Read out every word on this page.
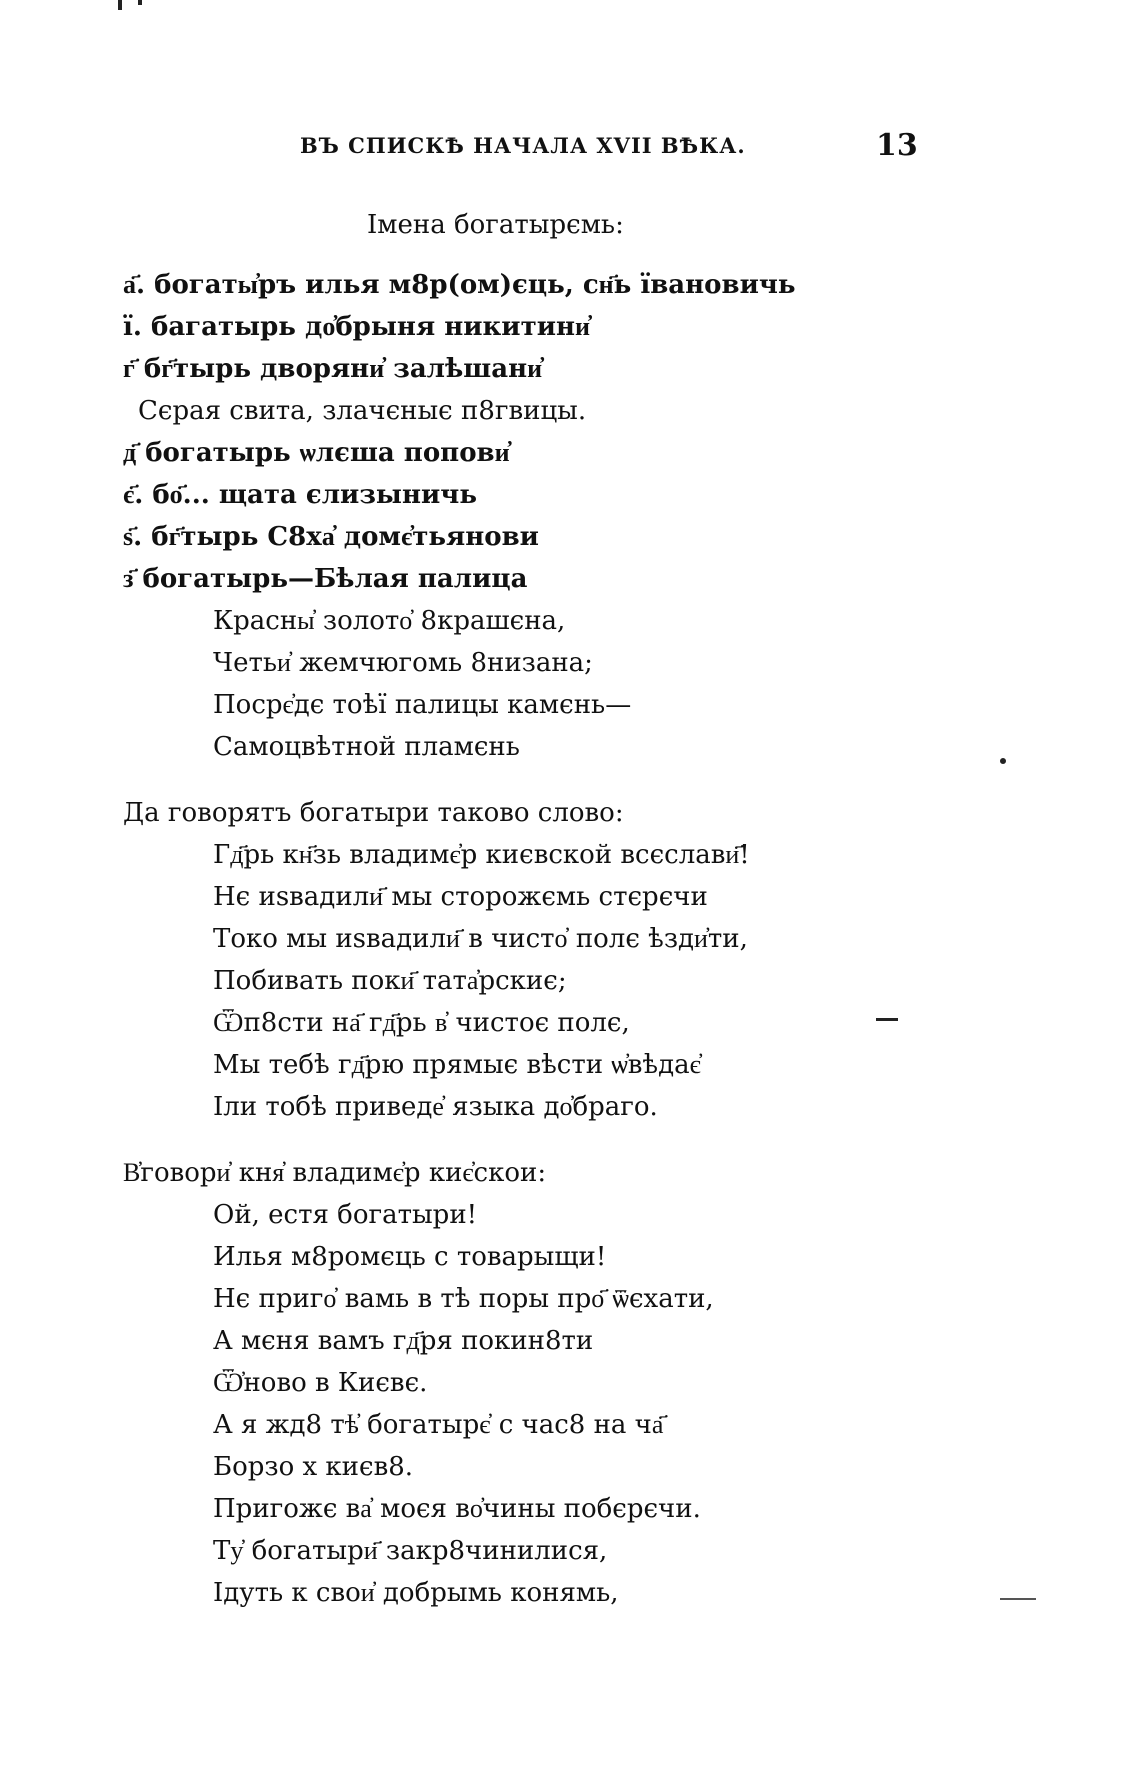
ВЪ СПИСКѢ НАЧАЛА XVII ВѢКА.	13
Імена богатырємь:
а҃. богаты҆ръ илья м8р(ом)єць, сн҃ь ївановичь
ї. багатырь до҆брыня никитини҆
г҃ бг҃тырь дворяни҆ залѣшани҆
Сєрая свита, злачєныє п8гвицы.
д҃ богатырь ѡлєша попови҆
є҃. бо҃... щата єлизыничь
ѕ҃. бг҃тырь С8ха҆ домє҆тьянови
з҃ богатырь—Бѣлая палица
Красны҆ золото҆ 8крашєна,
Четьи҆ жемчюгомь 8низана;
Посрє҆дє тоѣї палицы камєнь—
Самоцвѣтной пламєнь
Да говорятъ богатыри таково слово:
Гд҃рь кн҃зь владимє҆р києвской всєслави҃!
Нє иѕвадили҃ мы сторожємь стєрєчи
Токо мы иѕвадили҃ в чисто҆ полє ѣзди҆ти,
Побивать поки҃ тата҆рскиє;
Ѿп8сти на҃ гд҃рь в҆ чистоє полє,
Мы тебѣ гд҃рю прямыє вѣсти ѡ҆вѣдає҆
Іли тобѣ приведе҆ языка до҆браго.
В҆говори҆ кня҆ владимє҆р киє҆скои:
Ой, естя богатыри!
Илья м8ромєць с товарыщи!
Нє приго҆ вамь в тѣ поры про҃ ѿєхати,
А мєня вамъ гд҃ря покин8ти
Ѿ҆ново в Києвє.
А я жд8 тѣ҆ богатырє҆ с час8 на ча҃
Борзо х києв8.
Пригожє ва҆ моєя во҆чины побєрєчи.
Ту҆ богатыри҃ закр8чинилися,
Ідуть к свои҆ добрымь конямь,
